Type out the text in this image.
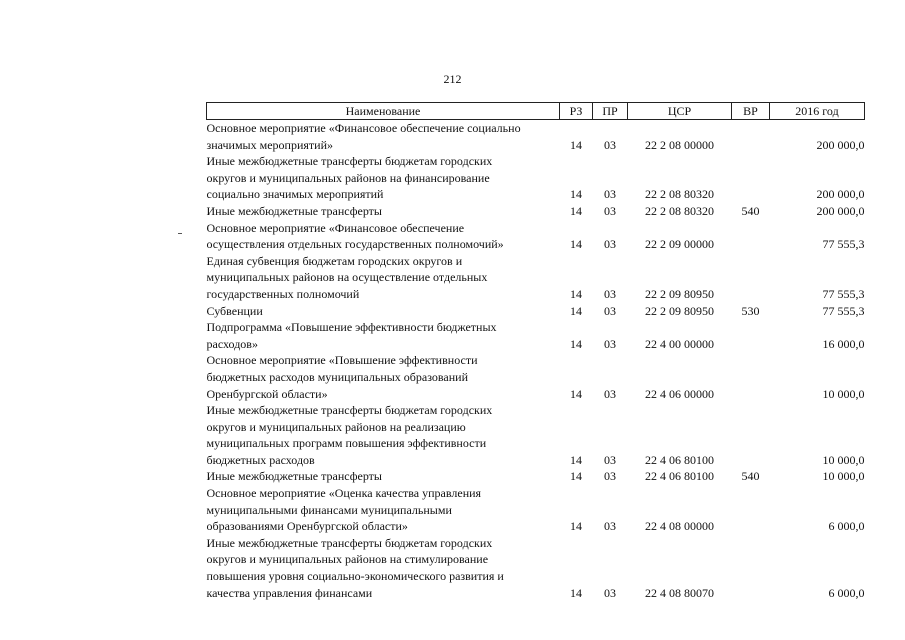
212
Наименование	РЗ	ПР	ЦСР	ВР	2016 год

Основное мероприятие «Финансовое обеспечение социально
значимых мероприятий»	14	03	22 2 08 00000		200 000,0

Иные межбюджетные трансферты бюджетам городских
округов и муниципальных районов на финансирование
социально значимых мероприятий	14	03	22 2 08 80320		200 000,0

Иные межбюджетные трансферты	14	03	22 2 08 80320	540	200 000,0

Основное мероприятие «Финансовое обеспечение
осуществления отдельных государственных полномочий»	14	03	22 2 09 00000		77 555,3

Единая субвенция бюджетам городских округов и
муниципальных районов на осуществление отдельных
государственных полномочий	14	03	22 2 09 80950		77 555,3

Субвенции	14	03	22 2 09 80950	530	77 555,3

Подпрограмма «Повышение эффективности бюджетных
расходов»	14	03	22 4 00 00000		16 000,0

Основное мероприятие «Повышение эффективности
бюджетных расходов муниципальных образований
Оренбургской области»	14	03	22 4 06 00000		10 000,0

Иные межбюджетные трансферты бюджетам городских
округов и муниципальных районов на реализацию
муниципальных программ повышения эффективности
бюджетных расходов	14	03	22 4 06 80100		10 000,0

Иные межбюджетные трансферты	14	03	22 4 06 80100	540	10 000,0

Основное мероприятие «Оценка качества управления
муниципальными финансами муниципальными
образованиями Оренбургской области»	14	03	22 4 08 00000		6 000,0

Иные межбюджетные трансферты бюджетам городских
округов и муниципальных районов на стимулирование
повышения уровня социально-экономического развития и
качества управления финансами	14	03	22 4 08 80070		6 000,0
